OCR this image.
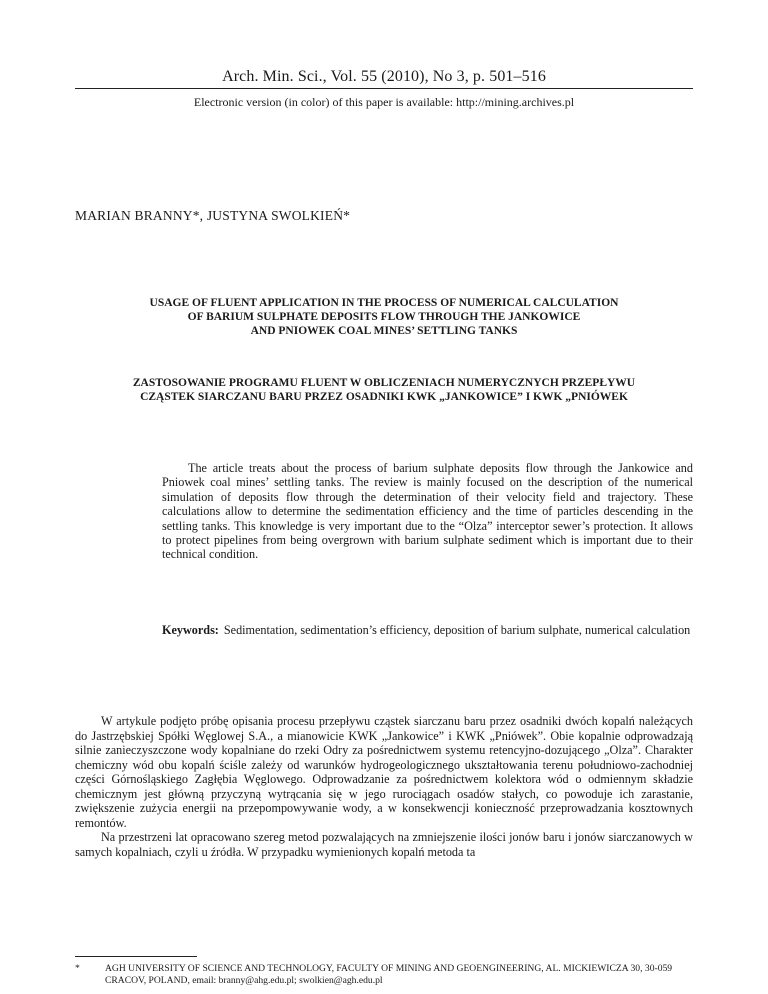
Arch. Min. Sci., Vol. 55 (2010), No 3, p. 501–516
Electronic version (in color) of this paper is available: http://mining.archives.pl
MARIAN BRANNY*, JUSTYNA SWOLKIEŃ*
USAGE OF FLUENT APPLICATION IN THE PROCESS OF NUMERICAL CALCULATION
OF BARIUM SULPHATE DEPOSITS FLOW THROUGH THE JANKOWICE
AND PNIOWEK COAL MINES’ SETTLING TANKS
ZASTOSOWANIE PROGRAMU FLUENT W OBLICZENIACH NUMERYCZNYCH PRZEPŁYWU
CZĄSTEK SIARCZANU BARU PRZEZ OSADNIKI KWK „JANKOWICE” I KWK „PNIÓWEK

The article treats about the process of barium sulphate deposits flow through the Jankowice and Pniowek coal mines’ settling tanks. The review is mainly focused on the description of the numerical simulation of deposits flow through the determination of their velocity field and trajectory. These calculations allow to determine the sedimentation efficiency and the time of particles descending in the settling tanks. This knowledge is very important due to the “Olza” interceptor sewer’s protection. It allows to protect pipelines from being overgrown with barium sulphate sediment which is important due to their technical condition.

Keywords: Sedimentation, sedimentation’s efficiency, deposition of barium sulphate, numerical calculation

W artykule podjęto próbę opisania procesu przepływu cząstek siarczanu baru przez osadniki dwóch kopalń należących do Jastrzębskiej Spółki Węglowej S.A., a mianowicie KWK „Jankowice” i KWK „Pniówek”. Obie kopalnie odprowadzają silnie zanieczyszczone wody kopalniane do rzeki Odry za pośrednictwem systemu retencyjno-dozującego „Olza”. Charakter chemiczny wód obu kopalń ściśle zależy od warunków hydrogeologicznego ukształtowania terenu południowo-zachodniej części Górnośląskiego Zagłębia Węglowego. Odprowadzanie za pośrednictwem kolektora wód o odmiennym składzie chemicznym jest główną przyczyną wytrącania się w jego rurociągach osadów stałych, co powoduje ich zarastanie, zwiększenie zużycia energii na przepompowywanie wody, a w konsekwencji konieczność przeprowadzania kosztownych remontów.

Na przestrzeni lat opracowano szereg metod pozwalających na zmniejszenie ilości jonów baru i jonów siarczanowych w samych kopalniach, czyli u źródła. W przypadku wymienionych kopalń metoda ta

*	AGH UNIVERSITY OF SCIENCE AND TECHNOLOGY, FACULTY OF MINING AND GEOENGINEERING, AL. MICKIEWICZA 30, 30-059 CRACOV, POLAND, email: branny@ahg.edu.pl; swolkien@agh.edu.pl
